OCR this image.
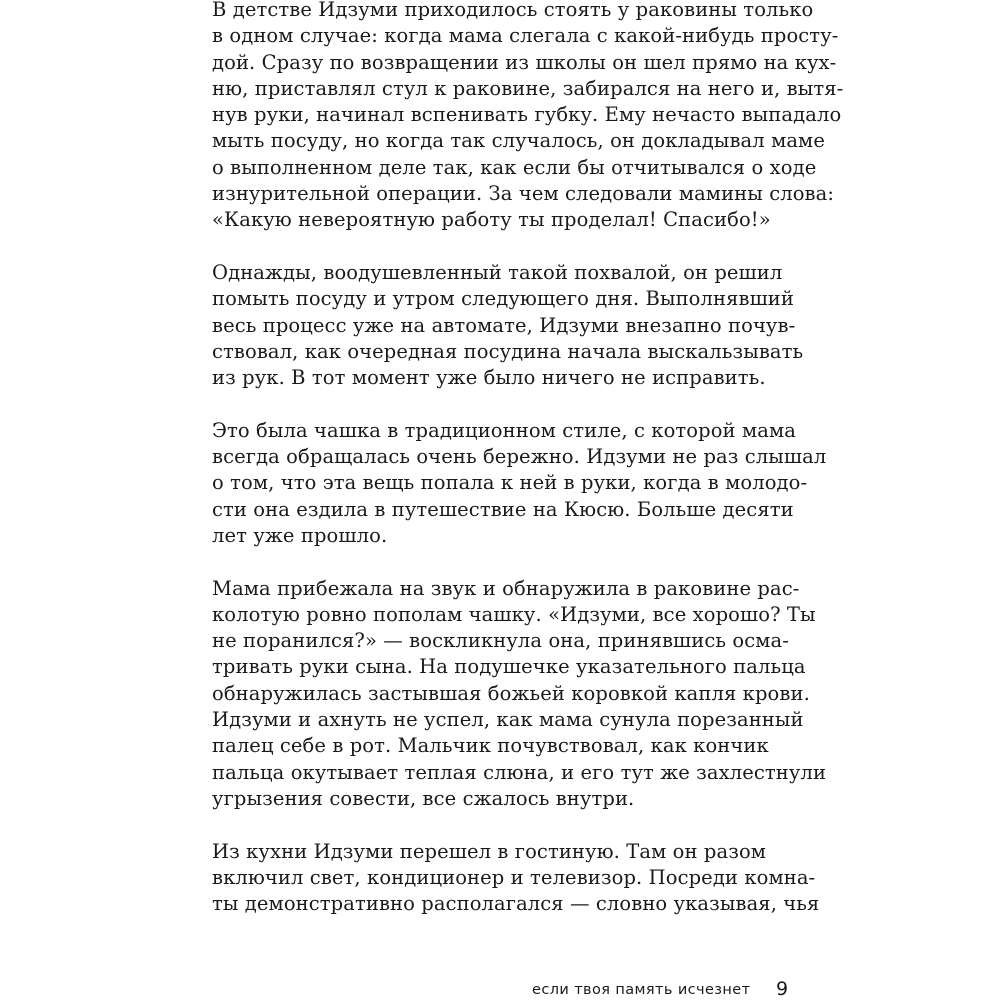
В детстве Идзуми приходилось стоять у раковины только
в одном случае: когда мама слегала с какой-нибудь просту-
дой. Сразу по возвращении из школы он шел прямо на кух-
ню, приставлял стул к раковине, забирался на него и, вытя-
нув руки, начинал вспенивать губку. Ему нечасто выпадало
мыть посуду, но когда так случалось, он докладывал маме
о выполненном деле так, как если бы отчитывался о ходе
изнурительной операции. За чем следовали мамины слова:
«Какую невероятную работу ты проделал! Спасибо!»
Однажды, воодушевленный такой похвалой, он решил
помыть посуду и утром следующего дня. Выполнявший
весь процесс уже на автомате, Идзуми внезапно почув-
ствовал, как очередная посудина начала выскальзывать
из рук. В тот момент уже было ничего не исправить.
Это была чашка в традиционном стиле, с которой мама
всегда обращалась очень бережно. Идзуми не раз слышал
о том, что эта вещь попала к ней в руки, когда в молодо-
сти она ездила в путешествие на Кюсю. Больше десяти
лет уже прошло.
Мама прибежала на звук и обнаружила в раковине рас-
колотую ровно пополам чашку. «Идзуми, все хорошо? Ты
не поранился?» — воскликнула она, принявшись осма-
тривать руки сына. На подушечке указательного пальца
обнаружилась застывшая божьей коровкой капля крови.
Идзуми и ахнуть не успел, как мама сунула порезанный
палец себе в рот. Мальчик почувствовал, как кончик
пальца окутывает теплая слюна, и его тут же захлестнули
угрызения совести, все сжалось внутри.
Из кухни Идзуми перешел в гостиную. Там он разом
включил свет, кондиционер и телевизор. Посреди комна-
ты демонстративно располагался — словно указывая, чья
если твоя память исчезнет 9
